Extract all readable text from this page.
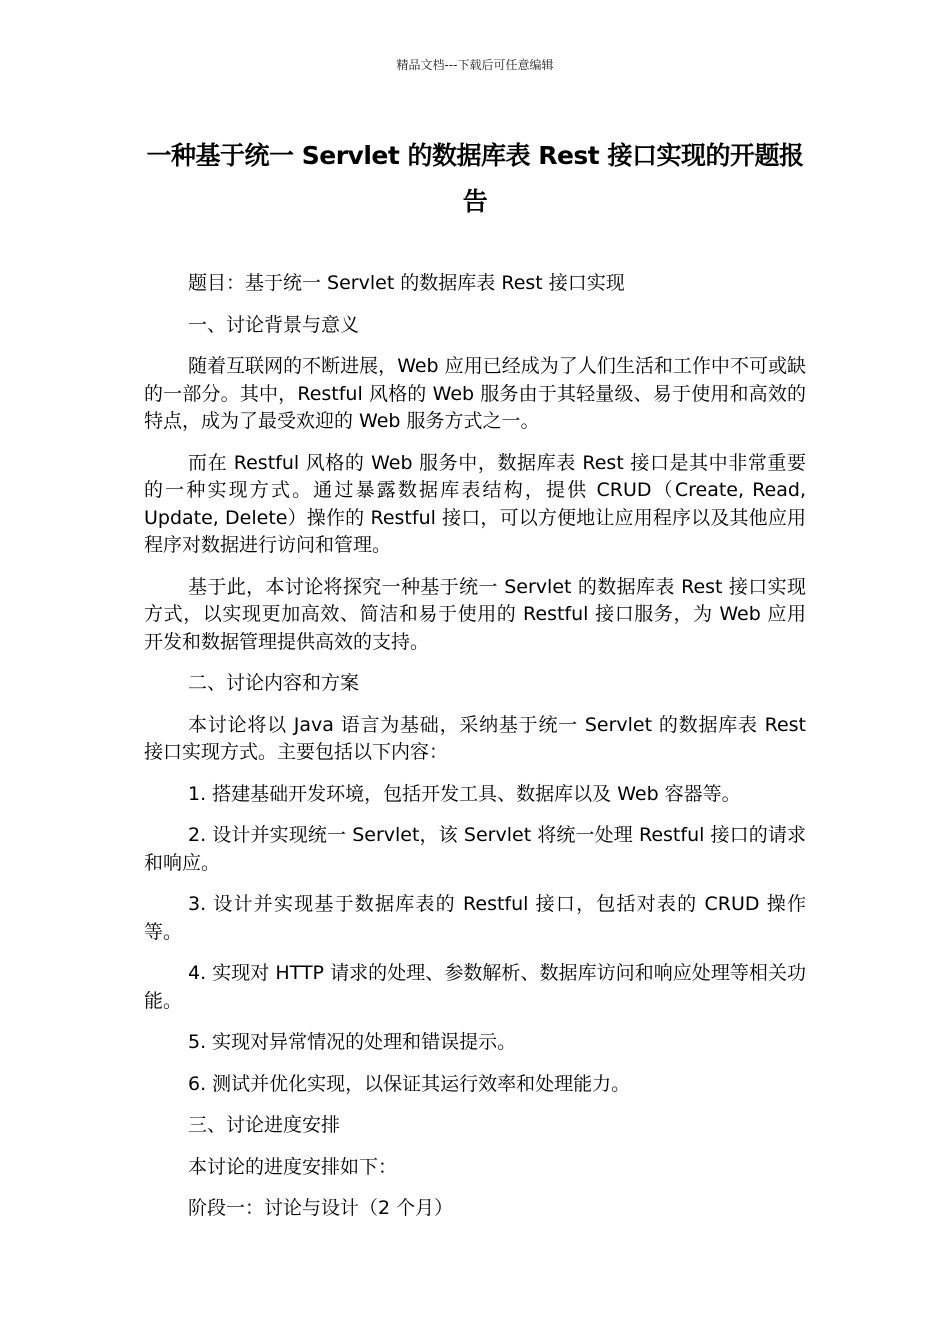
精品文档---下载后可任意编辑
一种基于统一 Servlet 的数据库表 Rest 接口实现的开题报告

题目：基于统一 Servlet 的数据库表 Rest 接口实现

一、讨论背景与意义

随着互联网的不断进展，Web 应用已经成为了人们生活和工作中不可或缺的一部分。其中，Restful 风格的 Web 服务由于其轻量级、易于使用和高效的特点，成为了最受欢迎的 Web 服务方式之一。

而在 Restful 风格的 Web 服务中，数据库表 Rest 接口是其中非常重要的一种实现方式。通过暴露数据库表结构，提供 CRUD（Create, Read, Update, Delete）操作的 Restful 接口，可以方便地让应用程序以及其他应用程序对数据进行访问和管理。

基于此，本讨论将探究一种基于统一 Servlet 的数据库表 Rest 接口实现方式，以实现更加高效、简洁和易于使用的 Restful 接口服务，为 Web 应用开发和数据管理提供高效的支持。

二、讨论内容和方案

本讨论将以 Java 语言为基础，采纳基于统一 Servlet 的数据库表 Rest 接口实现方式。主要包括以下内容：

1. 搭建基础开发环境，包括开发工具、数据库以及 Web 容器等。

2. 设计并实现统一 Servlet，该 Servlet 将统一处理 Restful 接口的请求和响应。

3. 设计并实现基于数据库表的 Restful 接口，包括对表的 CRUD 操作等。

4. 实现对 HTTP 请求的处理、参数解析、数据库访问和响应处理等相关功能。

5. 实现对异常情况的处理和错误提示。

6. 测试并优化实现，以保证其运行效率和处理能力。

三、讨论进度安排

本讨论的进度安排如下：

阶段一：讨论与设计（2 个月）
